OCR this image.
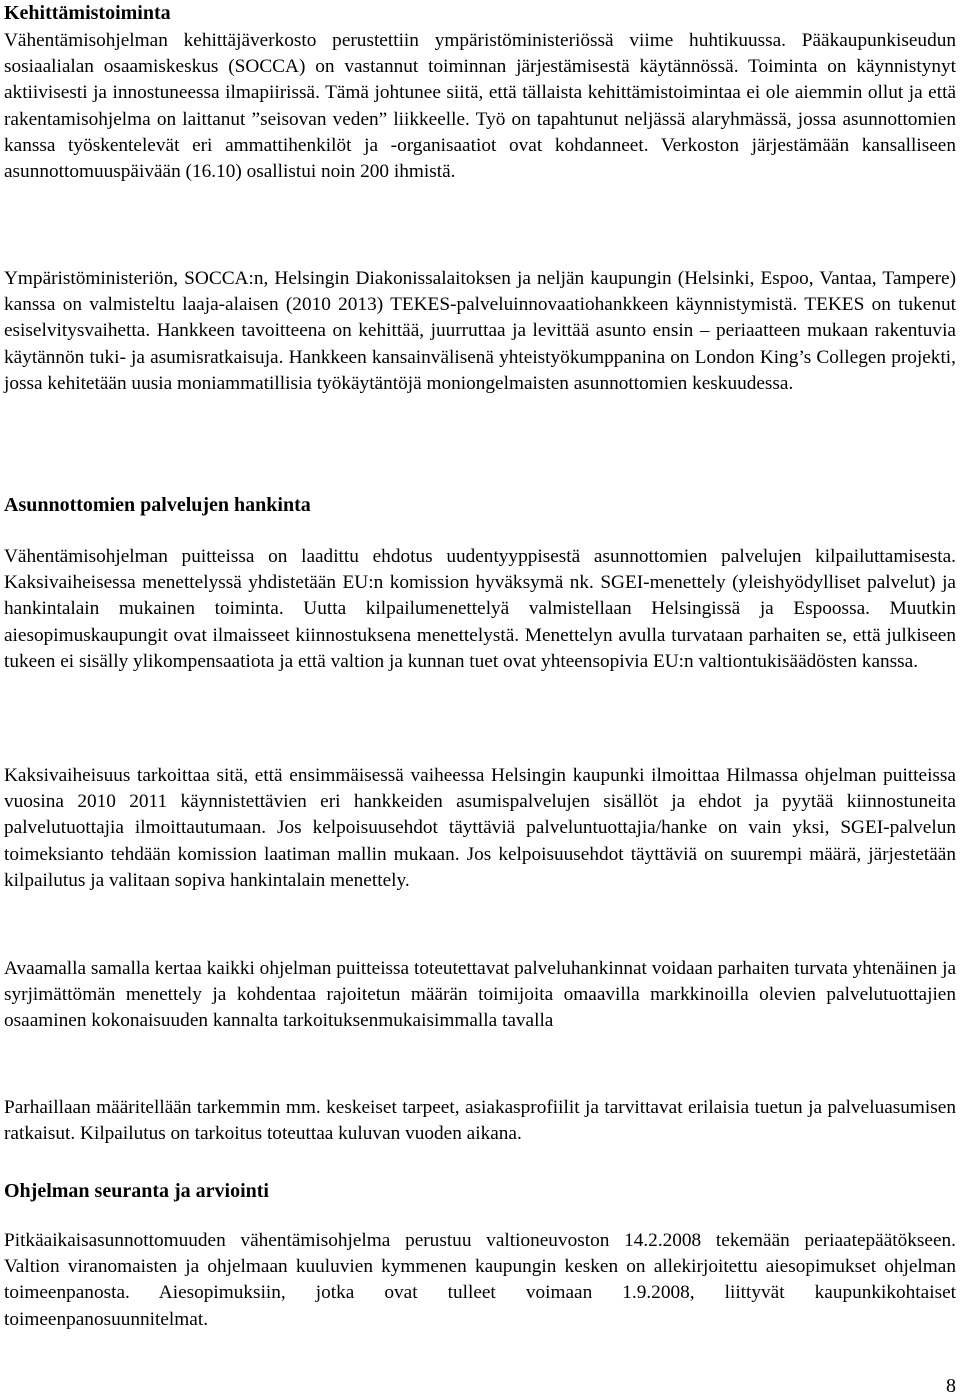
Kehittämistoiminta

Vähentämisohjelman kehittäjäverkosto perustettiin ympäristöministeriössä viime huhtikuussa. Pääkaupunkiseudun sosiaalialan osaamiskeskus (SOCCA) on vastannut toiminnan järjestämisestä käytännössä. Toiminta on käynnistynyt aktiivisesti ja innostuneessa ilmapiirissä. Tämä johtunee siitä, että tällaista kehittämistoimintaa ei ole aiemmin ollut ja että rakentamisohjelma on laittanut ”seisovan veden” liikkeelle. Työ on tapahtunut neljässä alaryhmässä, jossa asunnottomien kanssa työskentelevät eri ammattihenkilöt ja -organisaatiot ovat kohdanneet. Verkoston järjestämään kansalliseen asunnottomuuspäivään (16.10) osallistui noin 200 ihmistä.

Ympäristöministeriön, SOCCA:n, Helsingin Diakonissalaitoksen ja neljän kaupungin (Helsinki, Espoo, Vantaa, Tampere) kanssa on valmisteltu laaja-alaisen (2010 2013) TEKES-palveluinnovaatiohankkeen käynnistymistä. TEKES on tukenut esiselvitysvaihetta. Hankkeen tavoitteena on kehittää, juurruttaa ja levittää asunto ensin – periaatteen mukaan rakentuvia käytännön tuki- ja asumisratkaisuja. Hankkeen kansainvälisenä yhteistyökumppanina on London King’s Collegen projekti, jossa kehitetään uusia moniammatillisia työkäytäntöjä moniongelmaisten asunnottomien keskuudessa.

Asunnottomien palvelujen hankinta

Vähentämisohjelman puitteissa on laadittu ehdotus uudentyyppisestä asunnottomien palvelujen kilpailuttamisesta. Kaksivaiheisessa menettelyssä yhdistetään EU:n komission hyväksymä nk. SGEI-menettely (yleishyödylliset palvelut) ja hankintalain mukainen toiminta. Uutta kilpailumenettelyä valmistellaan Helsingissä ja Espoossa. Muutkin aiesopimuskaupungit ovat ilmaisseet kiinnostuksena menettelystä. Menettelyn avulla turvataan parhaiten se, että julkiseen tukeen ei sisälly ylikompensaatiota ja että valtion ja kunnan tuet ovat yhteensopivia EU:n valtiontukisäädösten kanssa.

Kaksivaiheisuus tarkoittaa sitä, että ensimmäisessä vaiheessa Helsingin kaupunki ilmoittaa Hilmassa ohjelman puitteissa vuosina 2010 2011 käynnistettävien eri hankkeiden asumispalvelujen sisällöt ja ehdot ja pyytää kiinnostuneita palvelutuottajia ilmoittautumaan. Jos kelpoisuusehdot täyttäviä palveluntuottajia/hanke on vain yksi, SGEI-palvelun toimeksianto tehdään komission laatiman mallin mukaan. Jos kelpoisuusehdot täyttäviä on suurempi määrä, järjestetään kilpailutus ja valitaan sopiva hankintalain menettely.

Avaamalla samalla kertaa kaikki ohjelman puitteissa toteutettavat palveluhankinnat voidaan parhaiten turvata yhtenäinen ja syrjimättömän menettely ja kohdentaa rajoitetun määrän toimijoita omaavilla markkinoilla olevien palvelutuottajien osaaminen kokonaisuuden kannalta tarkoituksenmukaisimmalla tavalla

Parhaillaan määritellään tarkemmin mm. keskeiset tarpeet, asiakasprofiilit ja tarvittavat erilaisia tuetun ja palveluasumisen ratkaisut. Kilpailutus on tarkoitus toteuttaa kuluvan vuoden aikana.

Ohjelman seuranta ja arviointi

Pitkäaikaisasunnottomuuden vähentämisohjelma perustuu valtioneuvoston 14.2.2008 tekemään periaatepäätökseen. Valtion viranomaisten ja ohjelmaan kuuluvien kymmenen kaupungin kesken on allekirjoitettu aiesopimukset ohjelman toimeenpanosta. Aiesopimuksiin, jotka ovat tulleet voimaan 1.9.2008, liittyvät kaupunkikohtaiset toimeenpanosuunnitelmat.

8
